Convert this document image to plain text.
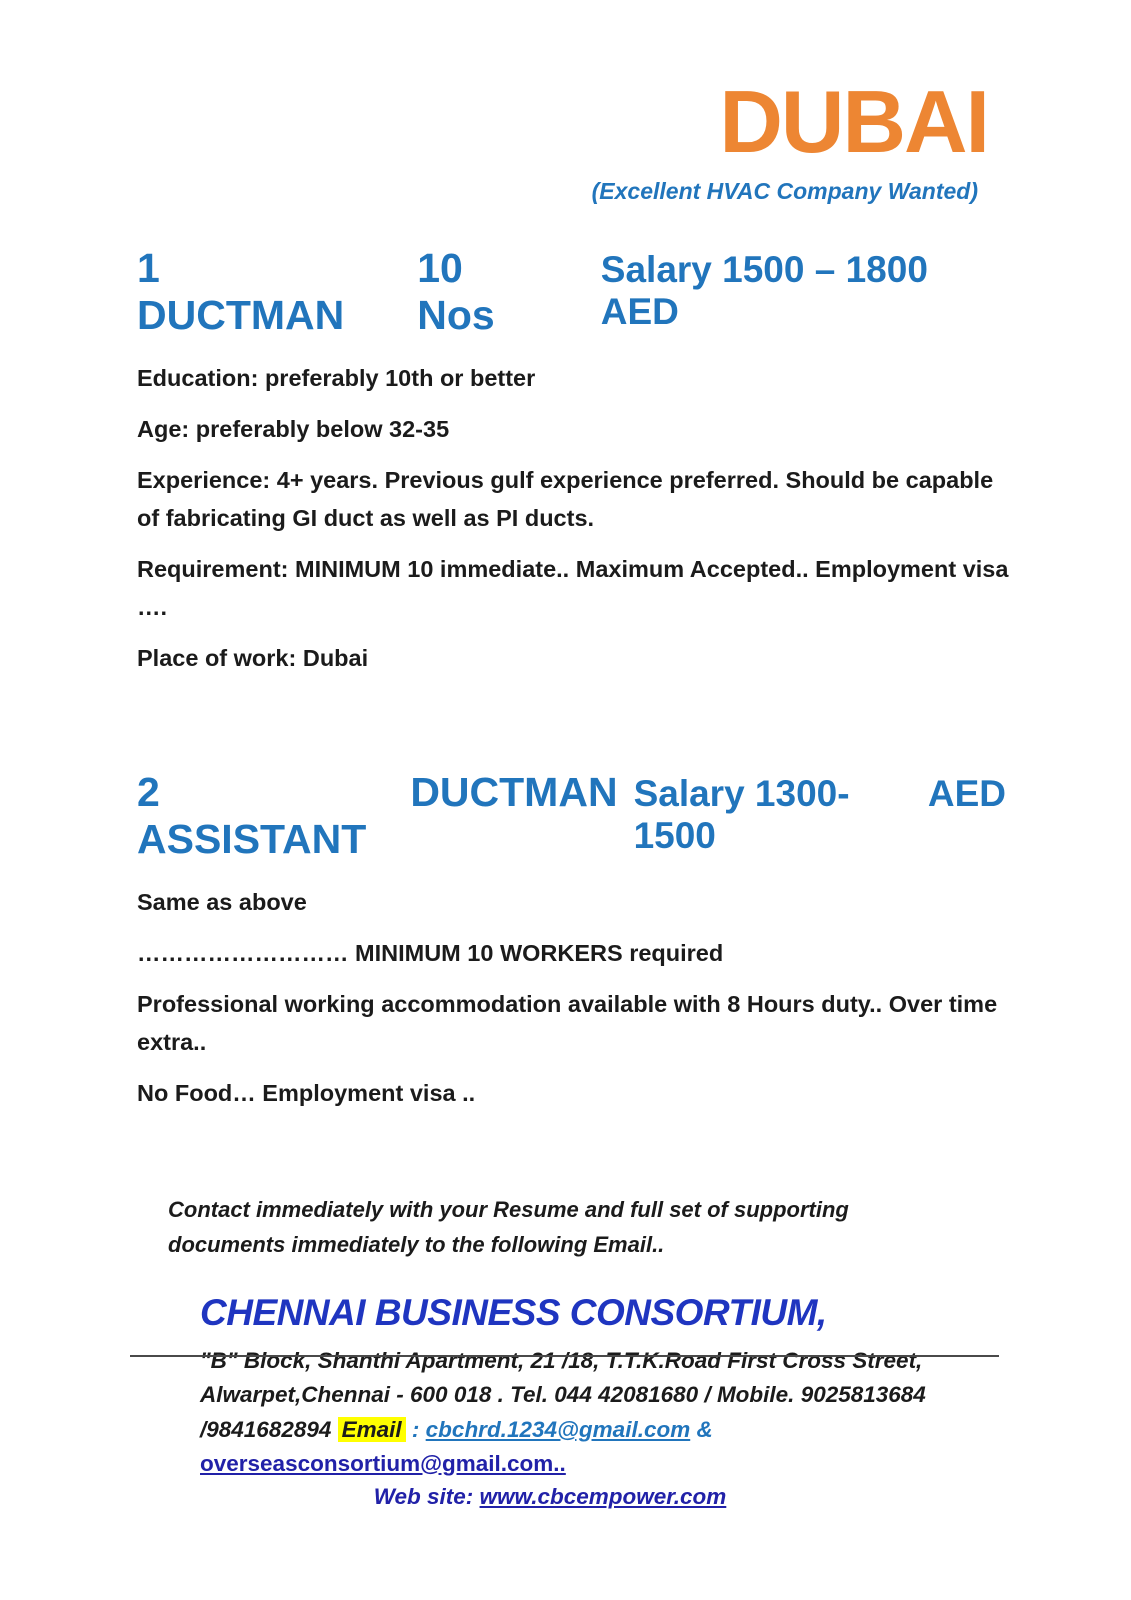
DUBAI
(Excellent HVAC Company Wanted)
1 DUCTMAN
10 Nos
Salary 1500 – 1800 AED

Education: preferably 10th or better

Age: preferably below 32-35

Experience: 4+ years. Previous gulf experience preferred. Should be capable of fabricating GI duct as well as PI ducts.

Requirement: MINIMUM 10 immediate.. Maximum Accepted.. Employment visa ….

Place of work: Dubai

2 ASSISTANT
DUCTMAN Salary 1300-1500
AED

Same as above

……………………… MINIMUM 10 WORKERS required

Professional working accommodation available with 8 Hours duty.. Over time extra..

No Food… Employment visa ..

Contact immediately with your Resume and full set of supporting documents immediately to the following Email..

CHENNAI BUSINESS CONSORTIUM,
"B" Block, Shanthi Apartment, 21 /18, T.T.K.Road First Cross Street,
Alwarpet,Chennai - 600 018 . Tel. 044 42081680 / Mobile. 9025813684
/9841682894 Email : cbchrd.1234@gmail.com & overseasconsortium@gmail.com..
Web site: www.cbcempower.com
